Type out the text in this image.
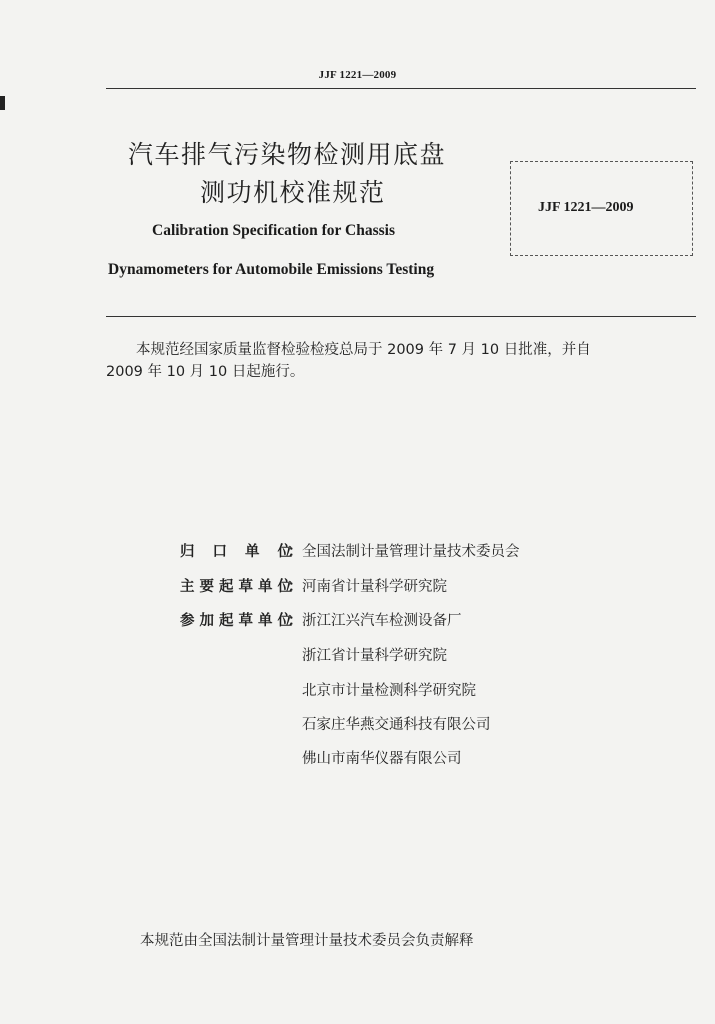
JJF 1221—2009
汽车排气污染物检测用底盘
测功机校准规范
JJF 1221—2009
Calibration Specification for Chassis
Dynamometers for Automobile Emissions Testing
本规范经国家质量监督检验检疫总局于 2009 年 7 月 10 日批准，并自
2009 年 10 月 10 日起施行。
归口单位
： 全国法制计量管理计量技术委员会
主要起草单位
： 河南省计量科学研究院
参加起草单位
： 浙江江兴汽车检测设备厂
浙江省计量科学研究院
北京市计量检测科学研究院
石家庄华燕交通科技有限公司
佛山市南华仪器有限公司
本规范由全国法制计量管理计量技术委员会负责解释
